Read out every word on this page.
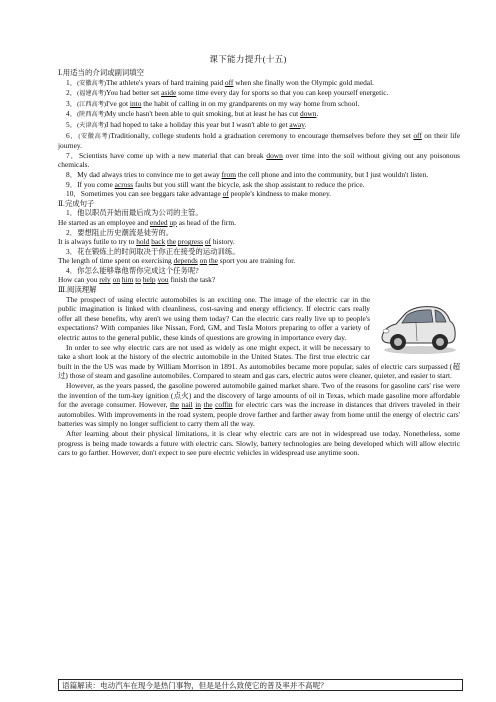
课下能力提升(十五)

Ⅰ.用适当的介词或副词填空

1．(安徽高考)The athlete's years of hard training paid off when she finally won the Olympic gold medal.

2．(福建高考)You had better set aside some time every day for sports so that you can keep yourself energetic.

3．(江西高考)I've got into the habit of calling in on my grandparents on my way home from school.

4．(陕西高考)My uncle hasn't been able to quit smoking, but at least he has cut down.

5．(天津高考)I had hoped to take a holiday this year but I wasn't able to get away.

6．(安徽高考)Traditionally, college students hold a graduation ceremony to encourage themselves before they set off on their life journey.

7．Scientists have come up with a new material that can break down over time into the soil without giving out any poisonous chemicals.

8．My dad always tries to convince me to get away from the cell phone and into the community, but I just wouldn't listen.

9．If you come across faults but you still want the bicycle, ask the shop assistant to reduce the price.

10．Sometimes you can see beggars take advantage of people's kindness to make money.

Ⅱ.完成句子

1．他以职员开始而最后成为公司的主管。

He started as an employee and ended up as head of the firm.

2．要想阻止历史潮流是徒劳的。

It is always futile to try to hold back the progress of history.

3．花在锻炼上的时间取决于你正在接受的运动训练。

The length of time spent on exercising depends on the sport you are training for.

4．你怎么能够靠他帮你完成这个任务呢?

How can you rely on him to help you finish the task?

Ⅲ.阅读理解

The prospect of using electric automobiles is an exciting one. The image of the electric car in the public imagination is linked with cleanliness, cost-saving and energy efficiency. If electric cars really offer all these benefits, why aren't we using them today? Can the electric cars really live up to people's expectations? With companies like Nissan, Ford, GM, and Tesla Motors preparing to offer a variety of electric autos to the general public, these kinds of questions are growing in importance every day.

In order to see why electric cars are not used as widely as one might expect, it will be necessary to take a short look at the history of the electric automobile in the United States. The first true electric car built in the the US was made by William Morrison in 1891. As automobiles became more popular, sales of electric cars surpassed (超过) those of steam and gasoline automobiles. Compared to steam and gas cars, electric autos were cleaner, quieter, and easier to start.

However, as the years passed, the gasoline powered automobile gained market share. Two of the reasons for gasoline cars' rise were the invention of the turn-key ignition (点火) and the discovery of large amounts of oil in Texas, which made gasoline more affordable for the average consumer. However, the nail in the coffin for electric cars was the increase in distances that drivers traveled in their automobiles. With improvements in the road system, people drove farther and farther away from home until the energy of electric cars' batteries was simply no longer sufficient to carry them all the way.

After learning about their physical limitations, it is clear why electric cars are not in widespread use today. Nonetheless, some progress is being made towards a future with electric cars. Slowly, battery technologies are being developed which will allow electric cars to go farther. However, don't expect to see pure electric vehicles in widespread use anytime soon.

语篇解读：电动汽车在现今是热门事物，但是是什么致使它的普及率并不高呢？
